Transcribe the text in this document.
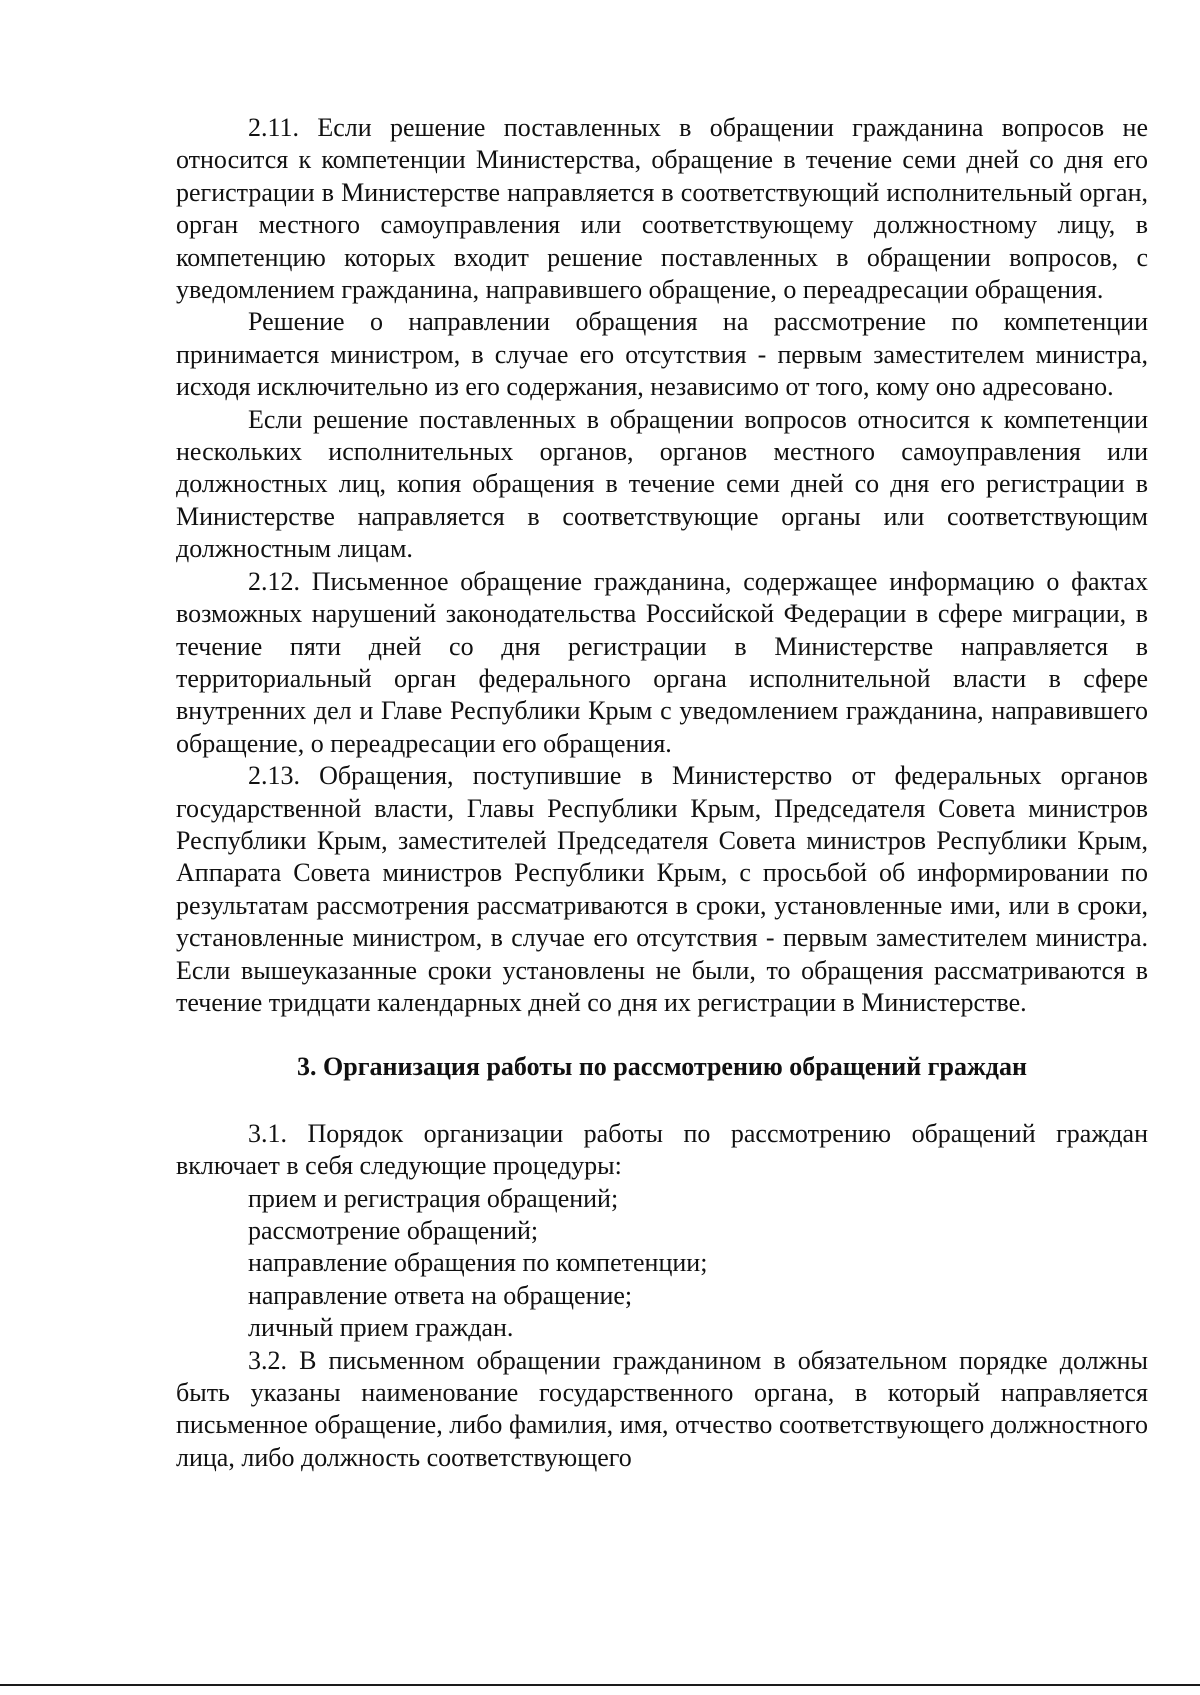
2.11. Если решение поставленных в обращении гражданина вопросов не относится к компетенции Министерства, обращение в течение семи дней со дня его регистрации в Министерстве направляется в соответствующий исполнительный орган, орган местного самоуправления или соответствующему должностному лицу, в компетенцию которых входит решение поставленных в обращении вопросов, с уведомлением гражданина, направившего обращение, о переадресации обращения.

Решение о направлении обращения на рассмотрение по компетенции принимается министром, в случае его отсутствия - первым заместителем министра, исходя исключительно из его содержания, независимо от того, кому оно адресовано.

Если решение поставленных в обращении вопросов относится к компетенции нескольких исполнительных органов, органов местного самоуправления или должностных лиц, копия обращения в течение семи дней со дня его регистрации в Министерстве направляется в соответствующие органы или соответствующим должностным лицам.

2.12. Письменное обращение гражданина, содержащее информацию о фактах возможных нарушений законодательства Российской Федерации в сфере миграции, в течение пяти дней со дня регистрации в Министерстве направляется в территориальный орган федерального органа исполнительной власти в сфере внутренних дел и Главе Республики Крым с уведомлением гражданина, направившего обращение, о переадресации его обращения.

2.13. Обращения, поступившие в Министерство от федеральных органов государственной власти, Главы Республики Крым, Председателя Совета министров Республики Крым, заместителей Председателя Совета министров Республики Крым, Аппарата Совета министров Республики Крым, с просьбой об информировании по результатам рассмотрения рассматриваются в сроки, установленные ими, или в сроки, установленные министром, в случае его отсутствия - первым заместителем министра. Если вышеуказанные сроки установлены не были, то обращения рассматриваются в течение тридцати календарных дней со дня их регистрации в Министерстве.

3. Организация работы по рассмотрению обращений граждан

3.1. Порядок организации работы по рассмотрению обращений граждан включает в себя следующие процедуры:

прием и регистрация обращений;

рассмотрение обращений;

направление обращения по компетенции;

направление ответа на обращение;

личный прием граждан.

3.2. В письменном обращении гражданином в обязательном порядке должны быть указаны наименование государственного органа, в который направляется письменное обращение, либо фамилия, имя, отчество соответствующего должностного лица, либо должность соответствующего
